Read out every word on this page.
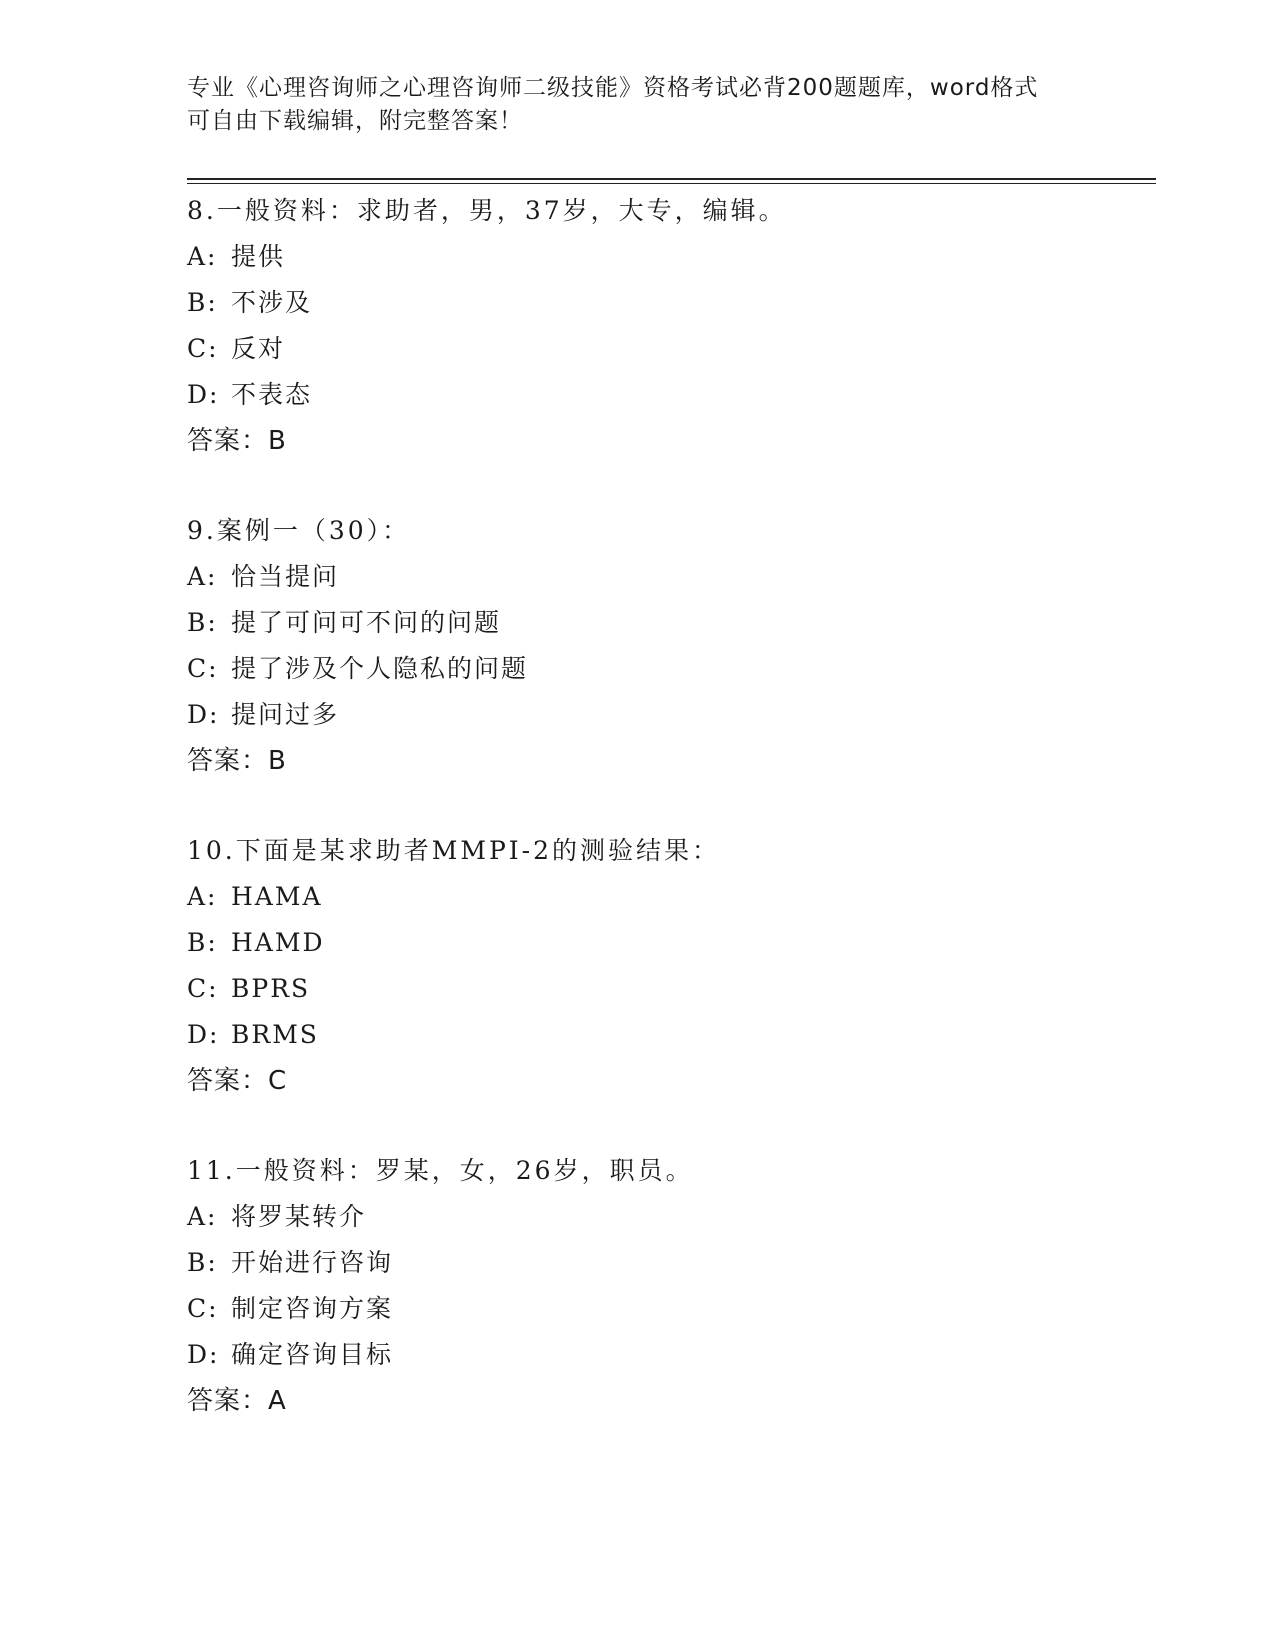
专业《心理咨询师之心理咨询师二级技能》资格考试必背200题题库，word格式
可自由下载编辑，附完整答案！
8.一般资料：求助者，男，37岁，大专，编辑。
A: 提供
B: 不涉及
C: 反对
D: 不表态
答案：B
9.案例一（30）：
A: 恰当提问
B: 提了可问可不问的问题
C: 提了涉及个人隐私的问题
D: 提问过多
答案：B
10.下面是某求助者MMPI-2的测验结果：
A: HAMA
B: HAMD
C: BPRS
D: BRMS
答案：C
11.一般资料：罗某，女，26岁，职员。
A: 将罗某转介
B: 开始进行咨询
C: 制定咨询方案
D: 确定咨询目标
答案：A
